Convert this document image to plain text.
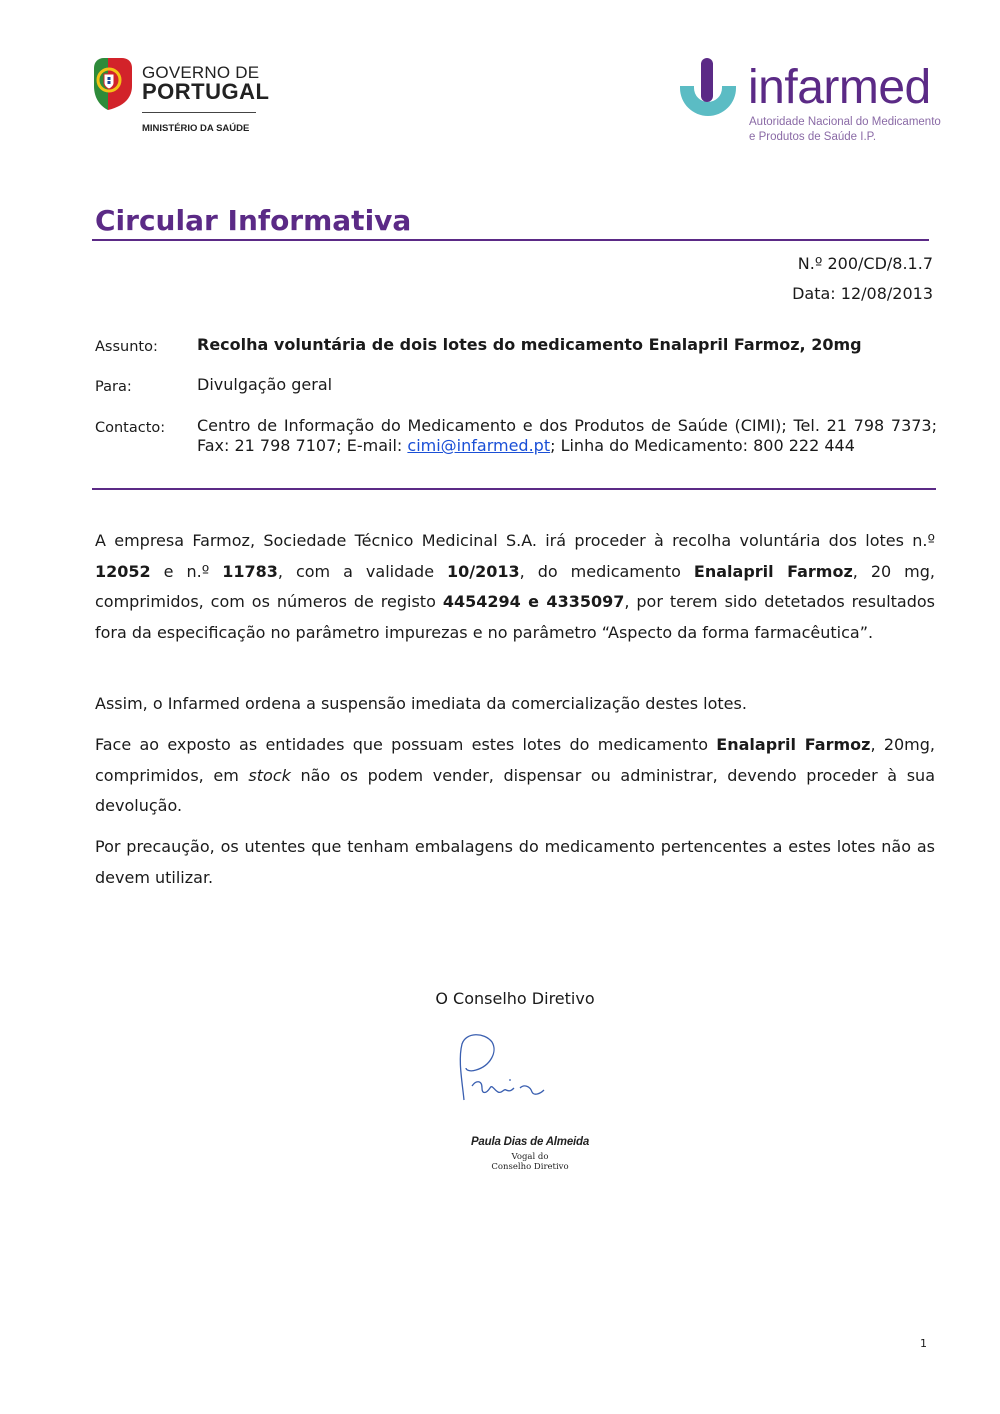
GOVERNO DE
PORTUGAL
MINISTÉRIO DA SAÚDE
infarmed
Autoridade Nacional do Medicamento
e Produtos de Saúde I.P.
Circular Informativa
N.º 200/CD/8.1.7
Data: 12/08/2013
Assunto: Recolha voluntária de dois lotes do medicamento Enalapril Farmoz, 20mg
Para:	Divulgação geral
Contacto: Centro de Informação do Medicamento e dos Produtos de Saúde (CIMI); Tel. 21 798 7373; Fax: 21 798 7107; E-mail: cimi@infarmed.pt; Linha do Medicamento: 800 222 444
A empresa Farmoz, Sociedade Técnico Medicinal S.A. irá proceder à recolha voluntária dos lotes n.º 12052 e n.º 11783, com a validade 10/2013, do medicamento Enalapril Farmoz, 20 mg, comprimidos, com os números de registo 4454294 e 4335097, por terem sido detetados resultados fora da especificação no parâmetro impurezas e no parâmetro “Aspecto da forma farmacêutica”.
Assim, o Infarmed ordena a suspensão imediata da comercialização destes lotes.
Face ao exposto as entidades que possuam estes lotes do medicamento Enalapril Farmoz, 20mg, comprimidos, em stock não os podem vender, dispensar ou administrar, devendo proceder à sua devolução.
Por precaução, os utentes que tenham embalagens do medicamento pertencentes a estes lotes não as devem utilizar.
O Conselho Diretivo
Paula Dias de Almeida
Vogal do
Conselho Diretivo
1
